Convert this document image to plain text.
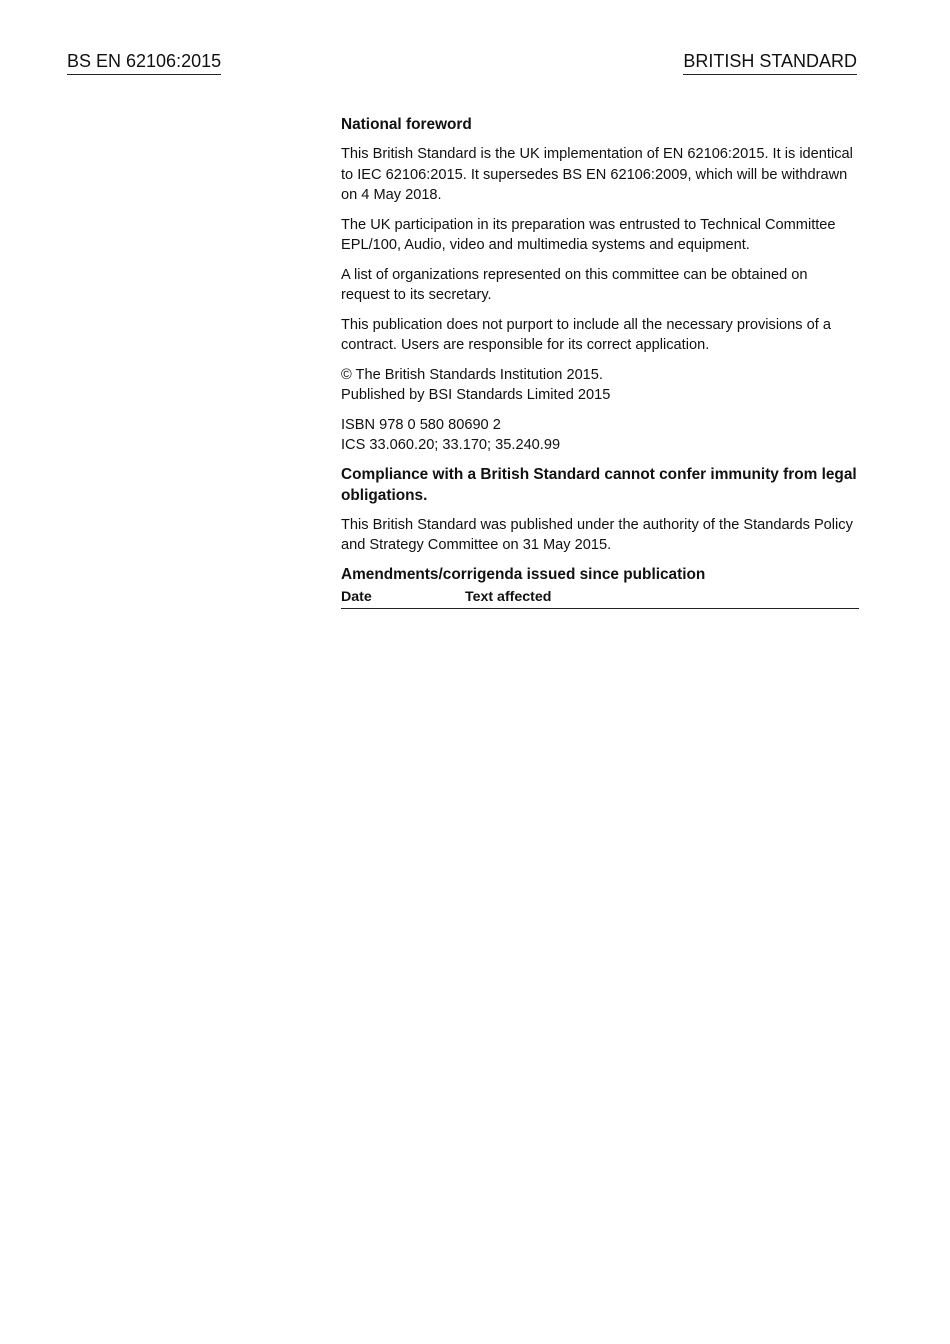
BS EN 62106:2015	BRITISH STANDARD

National foreword

This British Standard is the UK implementation of EN 62106:2015. It is identical to IEC 62106:2015. It supersedes BS EN 62106:2009, which will be withdrawn on 4 May 2018.

The UK participation in its preparation was entrusted to Technical Committee EPL/100, Audio, video and multimedia systems and equipment.

A list of organizations represented on this committee can be obtained on request to its secretary.

This publication does not purport to include all the necessary provisions of a contract. Users are responsible for its correct application.

© The British Standards Institution 2015.
Published by BSI Standards Limited 2015

ISBN 978 0 580 80690 2
ICS 33.060.20; 33.170; 35.240.99

Compliance with a British Standard cannot confer immunity from legal obligations.

This British Standard was published under the authority of the Standards Policy and Strategy Committee on 31 May 2015.

Amendments/corrigenda issued since publication

Date	Text affected
